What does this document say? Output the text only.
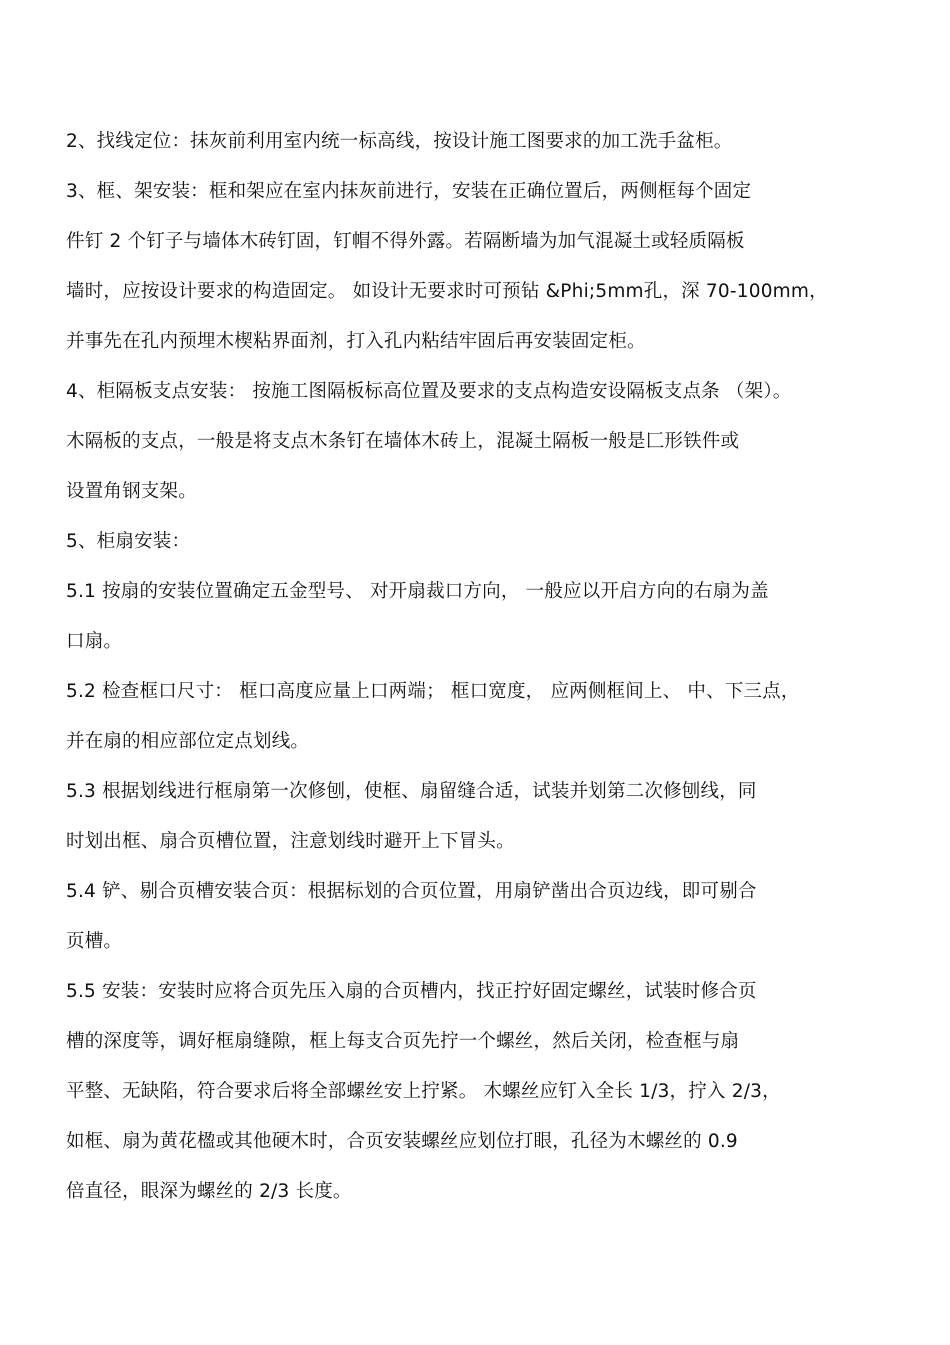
2、找线定位：抹灰前利用室内统一标高线，按设计施工图要求的加工洗手盆柜。
3、框、架安装：框和架应在室内抹灰前进行，安装在正确位置后，两侧框每个固定
件钉 2 个钉子与墙体木砖钉固，钉帽不得外露。若隔断墙为加气混凝土或轻质隔板
墙时，应按设计要求的构造固定。 如设计无要求时可预钻 &Phi;5mm孔，深 70-100mm，
并事先在孔内预埋木楔粘界面剂，打入孔内粘结牢固后再安装固定柜。
4、柜隔板支点安装： 按施工图隔板标高位置及要求的支点构造安设隔板支点条 （架）。
木隔板的支点，一般是将支点木条钉在墙体木砖上，混凝土隔板一般是匚形铁件或
设置角钢支架。
5、柜扇安装：
5.1 按扇的安装位置确定五金型号、 对开扇裁口方向， 一般应以开启方向的右扇为盖
口扇。
5.2 检查框口尺寸： 框口高度应量上口两端； 框口宽度， 应两侧框间上、 中、下三点，
并在扇的相应部位定点划线。
5.3 根据划线进行框扇第一次修刨，使框、扇留缝合适，试装并划第二次修刨线，同
时划出框、扇合页槽位置，注意划线时避开上下冒头。
5.4 铲、剔合页槽安装合页：根据标划的合页位置，用扇铲凿出合页边线，即可剔合
页槽。
5.5 安装：安装时应将合页先压入扇的合页槽内，找正拧好固定螺丝，试装时修合页
槽的深度等，调好框扇缝隙，框上每支合页先拧一个螺丝，然后关闭，检查框与扇
平整、无缺陷，符合要求后将全部螺丝安上拧紧。 木螺丝应钉入全长 1/3，拧入 2/3，
如框、扇为黄花楹或其他硬木时，合页安装螺丝应划位打眼，孔径为木螺丝的 0.9
倍直径，眼深为螺丝的 2/3 长度。
